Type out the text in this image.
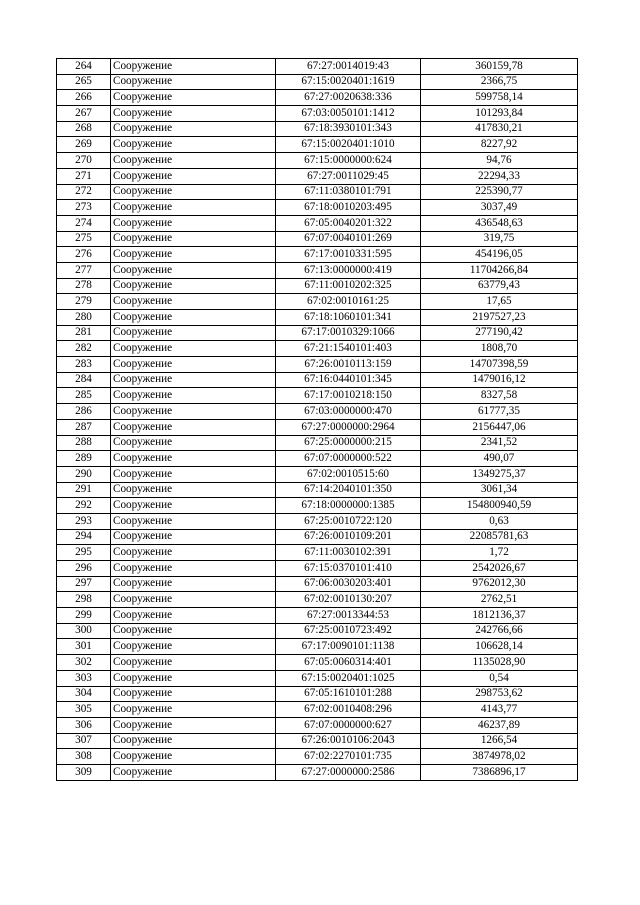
264	Сооружение	67:27:0014019:43	360159,78
265	Сооружение	67:15:0020401:1619	2366,75
266	Сооружение	67:27:0020638:336	599758,14
267	Сооружение	67:03:0050101:1412	101293,84
268	Сооружение	67:18:3930101:343	417830,21
269	Сооружение	67:15:0020401:1010	8227,92
270	Сооружение	67:15:0000000:624	94,76
271	Сооружение	67:27:0011029:45	22294,33
272	Сооружение	67:11:0380101:791	225390,77
273	Сооружение	67:18:0010203:495	3037,49
274	Сооружение	67:05:0040201:322	436548,63
275	Сооружение	67:07:0040101:269	319,75
276	Сооружение	67:17:0010331:595	454196,05
277	Сооружение	67:13:0000000:419	11704266,84
278	Сооружение	67:11:0010202:325	63779,43
279	Сооружение	67:02:0010161:25	17,65
280	Сооружение	67:18:1060101:341	2197527,23
281	Сооружение	67:17:0010329:1066	277190,42
282	Сооружение	67:21:1540101:403	1808,70
283	Сооружение	67:26:0010113:159	14707398,59
284	Сооружение	67:16:0440101:345	1479016,12
285	Сооружение	67:17:0010218:150	8327,58
286	Сооружение	67:03:0000000:470	61777,35
287	Сооружение	67:27:0000000:2964	2156447,06
288	Сооружение	67:25:0000000:215	2341,52
289	Сооружение	67:07:0000000:522	490,07
290	Сооружение	67:02:0010515:60	1349275,37
291	Сооружение	67:14:2040101:350	3061,34
292	Сооружение	67:18:0000000:1385	154800940,59
293	Сооружение	67:25:0010722:120	0,63
294	Сооружение	67:26:0010109:201	22085781,63
295	Сооружение	67:11:0030102:391	1,72
296	Сооружение	67:15:0370101:410	2542026,67
297	Сооружение	67:06:0030203:401	9762012,30
298	Сооружение	67:02:0010130:207	2762,51
299	Сооружение	67:27:0013344:53	1812136,37
300	Сооружение	67:25:0010723:492	242766,66
301	Сооружение	67:17:0090101:1138	106628,14
302	Сооружение	67:05:0060314:401	1135028,90
303	Сооружение	67:15:0020401:1025	0,54
304	Сооружение	67:05:1610101:288	298753,62
305	Сооружение	67:02:0010408:296	4143,77
306	Сооружение	67:07:0000000:627	46237,89
307	Сооружение	67:26:0010106:2043	1266,54
308	Сооружение	67:02:2270101:735	3874978,02
309	Сооружение	67:27:0000000:2586	7386896,17
